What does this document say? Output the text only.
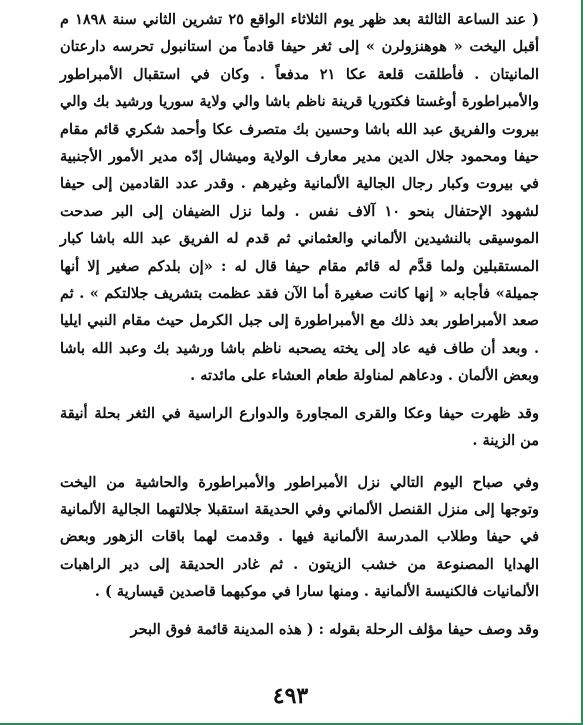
( عند الساعة الثالثة بعد ظهر يوم الثلاثاء الواقع ٢٥ تشرين الثاني سنة ١٨٩٨ م أقبل اليخت « هوهنزولرن » إلى ثغر حيفا قادماً من استانبول تحرسه دارعتان المانيتان . فأطلقت قلعة عكا ٢١ مدفعاً . وكان في استقبال الأمبراطور والأمبراطورة أوغستا فكتوريا قرينة ناظم باشا والي ولاية سوريا ورشيد بك والي بيروت والفريق عبد الله باشا وحسين بك متصرف عكا وأحمد شكري قائم مقام حيفا ومحمود جلال الدين مدير معارف الولاية وميشال إدّه مدير الأمور الأجنبية في بيروت وكبار رجال الجالية الألمانية وغيرهم . وقدر عدد القادمين إلى حيفا لشهود الإحتفال بنحو ١٠ آلاف نفس . ولما نزل الضيفان إلى البر صدحت الموسيقى بالنشيدين الألماني والعثماني ثم قدم له الفريق عبد الله باشا كبار المستقبلين ولما قدَّم له قائم مقام حيفا قال له : «إن بلدكم صغير إلا أنها جميلة» فأجابه « إنها كانت صغيرة أما الآن فقد عظمت بتشريف جلالتكم » . ثم صعد الأمبراطور بعد ذلك مع الأمبراطورة إلى جبل الكرمل حيث مقام النبي ايليا . وبعد أن طاف فيه عاد إلى يخته يصحبه ناظم باشا ورشيد بك وعبد الله باشا وبعض الألمان . ودعاهم لمناولة طعام العشاء على مائدته .

وقد ظهرت حيفا وعكا والقرى المجاورة والدوارع الراسية في الثغر بحلة أنيقة من الزينة .

وفي صباح اليوم التالي نزل الأمبراطور والأمبراطورة والحاشية من اليخت وتوجها إلى منزل القنصل الألماني وفي الحديقة استقبلا جلالتهما الجالية الألمانية في حيفا وطلاب المدرسة الألمانية فيها . وقدمت لهما باقات الزهور وبعض الهدايا المصنوعة من خشب الزيتون . ثم غادر الحديقة إلى دير الراهبات الألمانيات فالكنيسة الألمانية . ومنها سارا في موكبهما قاصدين قيسارية ) .

وقد وصف حيفا مؤلف الرحلة بقوله : ( هذه المدينة قائمة فوق البحر

٤٩٣
